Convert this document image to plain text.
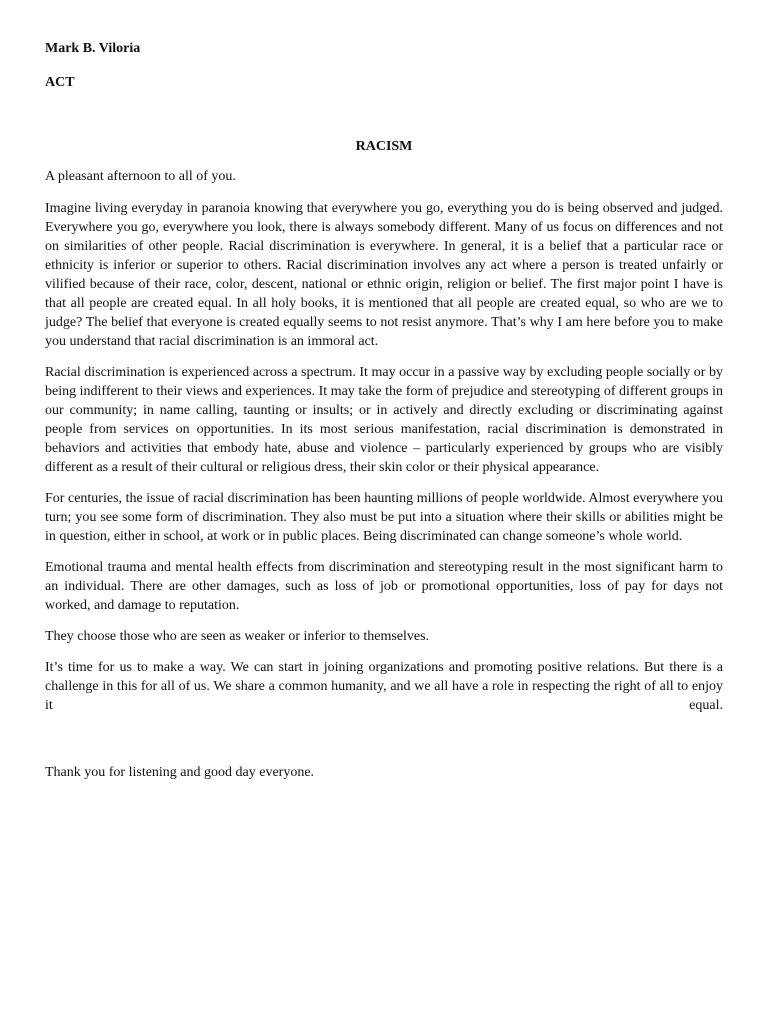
Mark B. Viloria

ACT

RACISM

A pleasant afternoon to all of you.

Imagine living everyday in paranoia knowing that everywhere you go, everything you do is being observed and judged. Everywhere you go, everywhere you look, there is always somebody different. Many of us focus on differences and not on similarities of other people. Racial discrimination is everywhere. In general, it is a belief that a particular race or ethnicity is inferior or superior to others. Racial discrimination involves any act where a person is treated unfairly or vilified because of their race, color, descent, national or ethnic origin, religion or belief. The first major point I have is that all people are created equal. In all holy books, it is mentioned that all people are created equal, so who are we to judge? The belief that everyone is created equally seems to not resist anymore. That’s why I am here before you to make you understand that racial discrimination is an immoral act.

Racial discrimination is experienced across a spectrum. It may occur in a passive way by excluding people socially or by being indifferent to their views and experiences. It may take the form of prejudice and stereotyping of different groups in our community; in name calling, taunting or insults; or in actively and directly excluding or discriminating against people from services on opportunities. In its most serious manifestation, racial discrimination is demonstrated in behaviors and activities that embody hate, abuse and violence – particularly experienced by groups who are visibly different as a result of their cultural or religious dress, their skin color or their physical appearance.

For centuries, the issue of racial discrimination has been haunting millions of people worldwide. Almost everywhere you turn; you see some form of discrimination. They also must be put into a situation where their skills or abilities might be in question, either in school, at work or in public places. Being discriminated can change someone’s whole world.

Emotional trauma and mental health effects from discrimination and stereotyping result in the most significant harm to an individual. There are other damages, such as loss of job or promotional opportunities, loss of pay for days not worked, and damage to reputation.

They choose those who are seen as weaker or inferior to themselves.

It’s time for us to make a way. We can start in joining organizations and promoting positive relations. But there is a challenge in this for all of us. We share a common humanity, and we all have a role in respecting the right of all to enjoy it equal.

Thank you for listening and good day everyone.
